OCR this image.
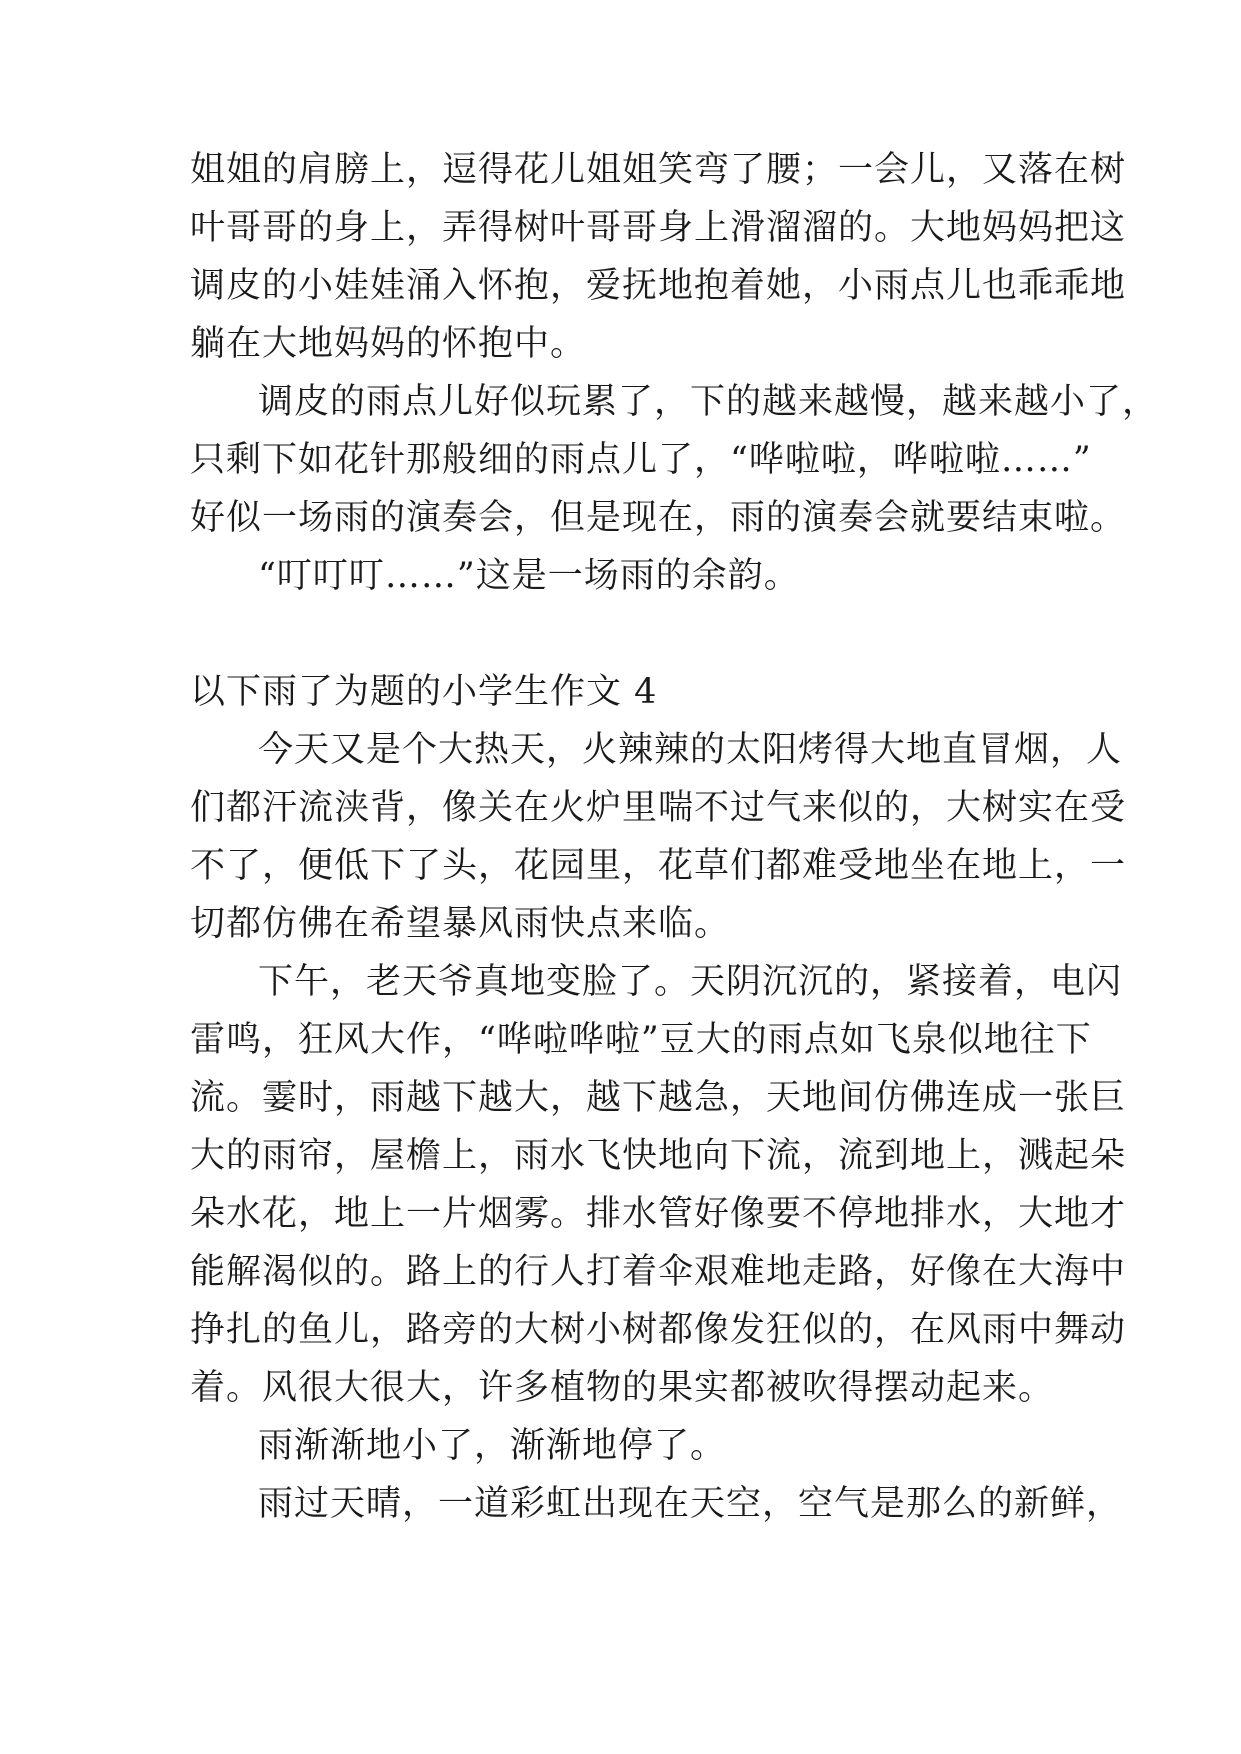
姐姐的肩膀上，逗得花儿姐姐笑弯了腰；一会儿，又落在树
叶哥哥的身上，弄得树叶哥哥身上滑溜溜的。大地妈妈把这
调皮的小娃娃涌入怀抱，爱抚地抱着她，小雨点儿也乖乖地
躺在大地妈妈的怀抱中。
调皮的雨点儿好似玩累了，下的越来越慢，越来越小了，
只剩下如花针那般细的雨点儿了，“哗啦啦，哗啦啦……”
好似一场雨的演奏会，但是现在，雨的演奏会就要结束啦。
“叮叮叮……”这是一场雨的余韵。
以下雨了为题的小学生作文 4
今天又是个大热天，火辣辣的太阳烤得大地直冒烟，人
们都汗流浃背，像关在火炉里喘不过气来似的，大树实在受
不了，便低下了头，花园里，花草们都难受地坐在地上，一
切都仿佛在希望暴风雨快点来临。
下午，老天爷真地变脸了。天阴沉沉的，紧接着，电闪
雷鸣，狂风大作，“哗啦哗啦”豆大的雨点如飞泉似地往下
流。霎时，雨越下越大，越下越急，天地间仿佛连成一张巨
大的雨帘，屋檐上，雨水飞快地向下流，流到地上，溅起朵
朵水花，地上一片烟雾。排水管好像要不停地排水，大地才
能解渴似的。路上的行人打着伞艰难地走路，好像在大海中
挣扎的鱼儿，路旁的大树小树都像发狂似的，在风雨中舞动
着。风很大很大，许多植物的果实都被吹得摆动起来。
雨渐渐地小了，渐渐地停了。
雨过天晴，一道彩虹出现在天空，空气是那么的新鲜，
